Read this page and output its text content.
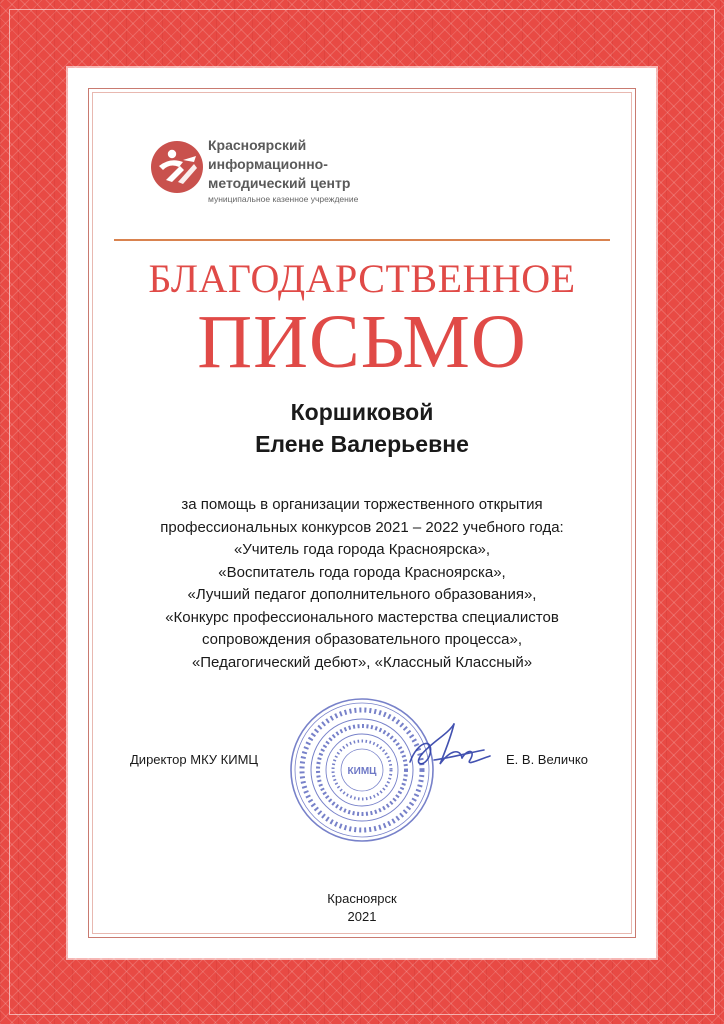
Красноярский
информационно-
методический центр
муниципальное казенное учреждение
БЛАГОДАРСТВЕННОЕ
ПИСЬМО
Коршиковой
Елене Валерьевне
за помощь в организации торжественного открытия
профессиональных конкурсов 2021 – 2022 учебного года:
«Учитель года города Красноярска»,
«Воспитатель года города Красноярска»,
«Лучший педагог дополнительного образования»,
«Конкурс профессионального мастерства специалистов
сопровождения образовательного процесса»,
«Педагогический дебют», «Классный Классный»
КИМЦ
Директор МКУ КИМЦ	Е. В. Величко
Красноярск
2021
